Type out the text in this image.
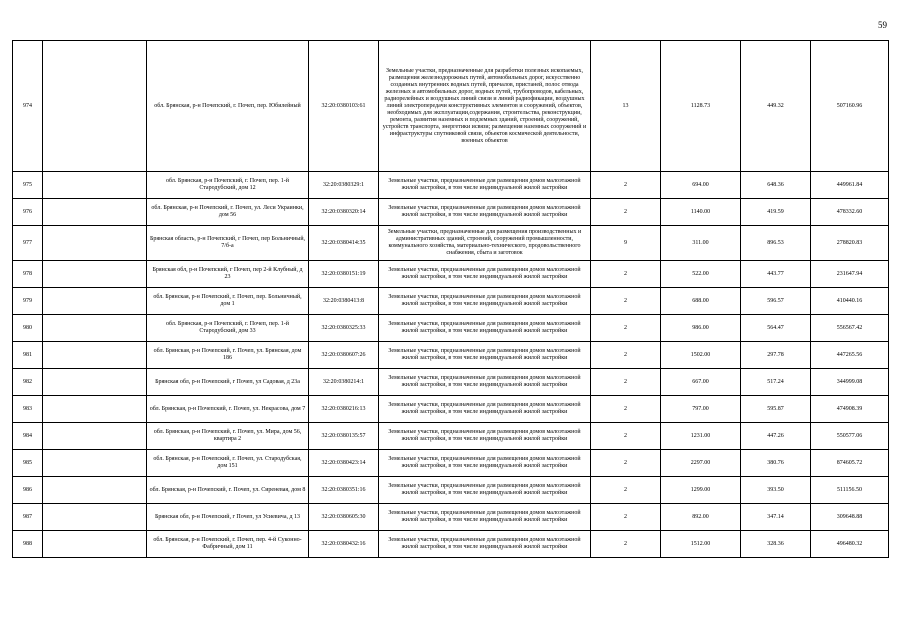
59
974		обл. Брянская, р-н Почепский, г. Почеп, пер. Юбилейный	32:20:0380103:61	Земельные участки, предназначенные для разработки полезных ископаемых, размещения железнодорожных путей, автомобильных дорог, искусственно созданных внутренних водных путей, причалов, пристаней, полос отвода железных и автомобильных дорог, водных путей, трубопроводов, кабельных, радиорелейных и воздушных линий связи и линий радиофикации, воздушных линий электропередачи конструктивных элементов и сооружений, объектов, необходимых для эксплуатации,содержания, строительства, реконструкции, ремонта, развития наземных и подземных зданий, строений, сооружений, устройств транспорта, энергетики иcвязи; размещения наземных сооружений и инфраструктуры спутниковой связи, объектов космической деятельности, военных объектов	13	1128.73	449.32	507160.96
975		обл. Брянская, р-н Почепский, г. Почеп, пер. 1-й Стародубский, дом 12	32:20:0380329:1	Земельные участки, предназначенные для размещения домов малоэтажной жилой застройки, в том числе индивидуальной жилой застройки	2	694.00	648.36	449961.84
976		обл. Брянская, р-н Почепский, г. Почеп, ул. Леси Украинки, дом 56	32:20:0380320:14	Земельные участки, предназначенные для размещения домов малоэтажной жилой застройки, в том числе индивидуальной жилой застройки	2	1140.00	419.59	478332.60
977		Брянская область, р-н Почепский, г Почеп, пер Больничный, 7/б-а	32:20:0380414:35	Земельные участки, предназначенные для размещения производственных и административных зданий, строений, сооружений промышленности, коммунального хозяйства, материально-технического, продовольственного снабжения, сбыта и заготовок	9	311.00	896.53	278820.83
978		Брянская обл, р-н Почепский, г Почеп, пер 2-й Клубный, д 23	32:20:0380151:19	Земельные участки, предназначенные для размещения домов малоэтажной жилой застройки, в том числе индивидуальной жилой застройки	2	522.00	443.77	231647.94
979		обл. Брянская, р-н Почепский, г. Почеп, пер. Больничный, дом 1	32:20:0380413:8	Земельные участки, предназначенные для размещения домов малоэтажной жилой застройки, в том числе индивидуальной жилой застройки	2	688.00	596.57	410440.16
980		обл. Брянская, р-н Почепский, г. Почеп, пер. 1-й Стародубский, дом 33	32:20:0380325:33	Земельные участки, предназначенные для размещения домов малоэтажной жилой застройки, в том числе индивидуальной жилой застройки	2	986.00	564.47	556567.42
981		обл. Брянская, р-н Почепский, г. Почеп, ул. Брянская, дом 186	32:20:0380607:26	Земельные участки, предназначенные для размещения домов малоэтажной жилой застройки, в том числе индивидуальной жилой застройки	2	1502.00	297.78	447265.56
982		Брянская обл, р-н Почепский, г Почеп, ул Садовая, д 23а	32:20:0380214:1	Земельные участки, предназначенные для размещения домов малоэтажной жилой застройки, в том числе индивидуальной жилой застройки	2	667.00	517.24	344999.08
983		обл. Брянская, р-н Почепский, г. Почеп, ул. Некрасова, дом 7	32:20:0380216:13	Земельные участки, предназначенные для размещения домов малоэтажной жилой застройки, в том числе индивидуальной жилой застройки	2	797.00	595.87	474908.39
984		обл. Брянская, р-н Почепский, г. Почеп, ул. Мира, дом 56, квартира 2	32:20:0380135:57	Земельные участки, предназначенные для размещения домов малоэтажной жилой застройки, в том числе индивидуальной жилой застройки	2	1231.00	447.26	550577.06
985		обл. Брянская, р-н Почепский, г. Почеп, ул. Стародубская, дом 151	32:20:0380423:14	Земельные участки, предназначенные для размещения домов малоэтажной жилой застройки, в том числе индивидуальной жилой застройки	2	2297.00	380.76	874605.72
986		обл. Брянская, р-н Почепский, г. Почеп, ул. Сиреневая, дом 8	32:20:0380351:16	Земельные участки, предназначенные для размещения домов малоэтажной жилой застройки, в том числе индивидуальной жилой застройки	2	1299.00	393.50	511156.50
987		Брянская обл, р-н Почепский, г Почеп, ул Усиевича, д 13	32:20:0380605:30	Земельные участки, предназначенные для размещения домов малоэтажной жилой застройки, в том числе индивидуальной жилой застройки	2	892.00	347.14	309648.88
988		обл. Брянская, р-н Почепский, г. Почеп, пер. 4-й Суконно-Фабричный, дом 11	32:20:0380432:16	Земельные участки, предназначенные для размещения домов малоэтажной жилой застройки, в том числе индивидуальной жилой застройки	2	1512.00	328.36	496480.32
